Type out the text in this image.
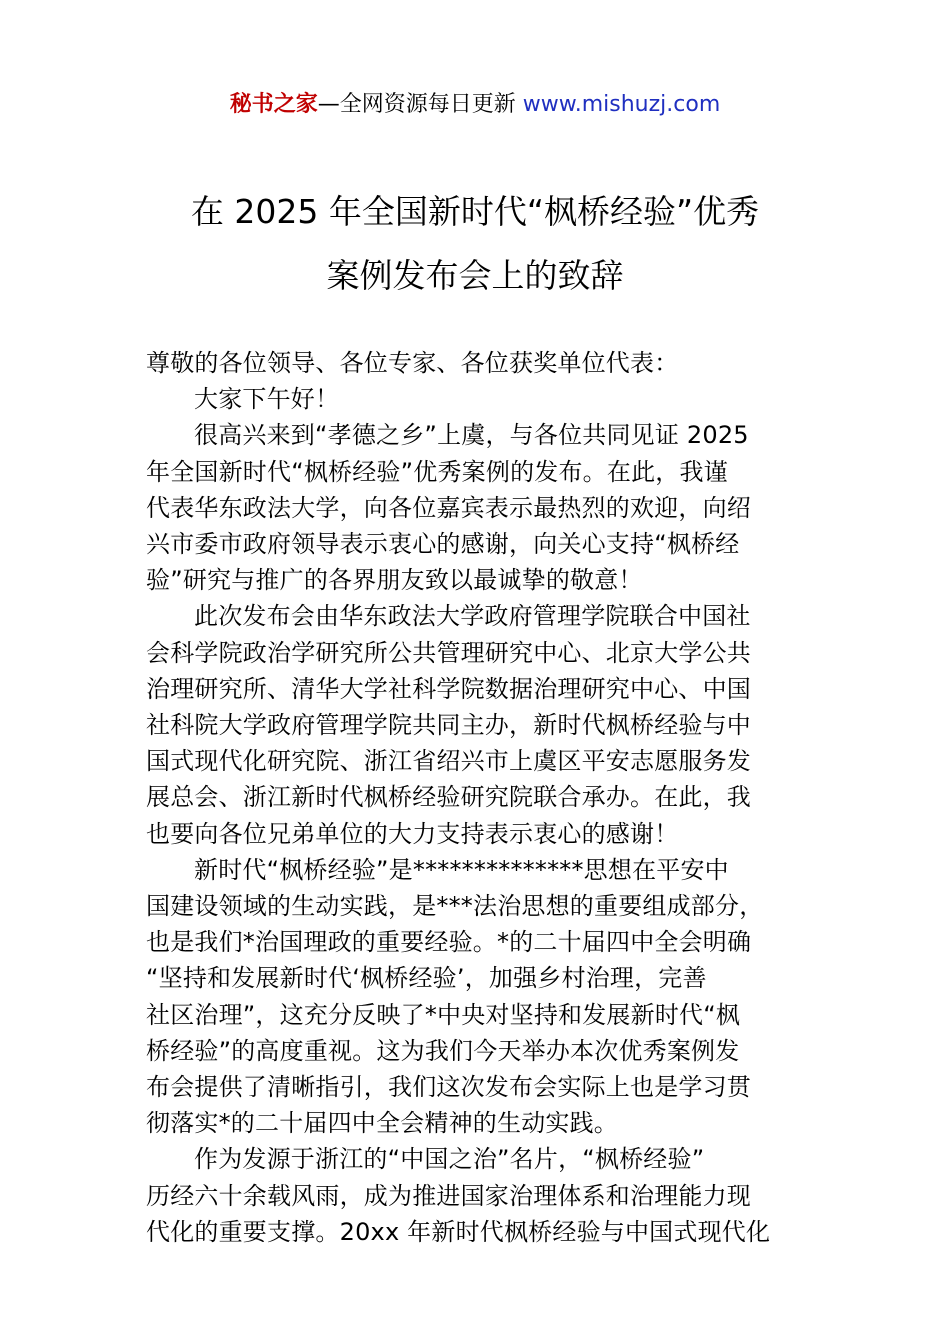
秘书之家—全网资源每日更新 www.mishuzj.com
在 2025 年全国新时代“枫桥经验”优秀
案例发布会上的致辞
尊敬的各位领导、各位专家、各位获奖单位代表：
大家下午好！
很高兴来到“孝德之乡”上虞，与各位共同见证 2025
年全国新时代“枫桥经验”优秀案例的发布。在此，我谨
代表华东政法大学，向各位嘉宾表示最热烈的欢迎，向绍
兴市委市政府领导表示衷心的感谢，向关心支持“枫桥经
验”研究与推广的各界朋友致以最诚挚的敬意！
此次发布会由华东政法大学政府管理学院联合中国社
会科学院政治学研究所公共管理研究中心、北京大学公共
治理研究所、清华大学社科学院数据治理研究中心、中国
社科院大学政府管理学院共同主办，新时代枫桥经验与中
国式现代化研究院、浙江省绍兴市上虞区平安志愿服务发
展总会、浙江新时代枫桥经验研究院联合承办。在此，我
也要向各位兄弟单位的大力支持表示衷心的感谢！
新时代“枫桥经验”是**************思想在平安中
国建设领域的生动实践，是***法治思想的重要组成部分，
也是我们*治国理政的重要经验。*的二十届四中全会明确
“坚持和发展新时代‘枫桥经验’，加强乡村治理，完善
社区治理”，这充分反映了*中央对坚持和发展新时代“枫
桥经验”的高度重视。这为我们今天举办本次优秀案例发
布会提供了清晰指引，我们这次发布会实际上也是学习贯
彻落实*的二十届四中全会精神的生动实践。
作为发源于浙江的“中国之治”名片，“枫桥经验”
历经六十余载风雨，成为推进国家治理体系和治理能力现
代化的重要支撑。20xx 年新时代枫桥经验与中国式现代化
